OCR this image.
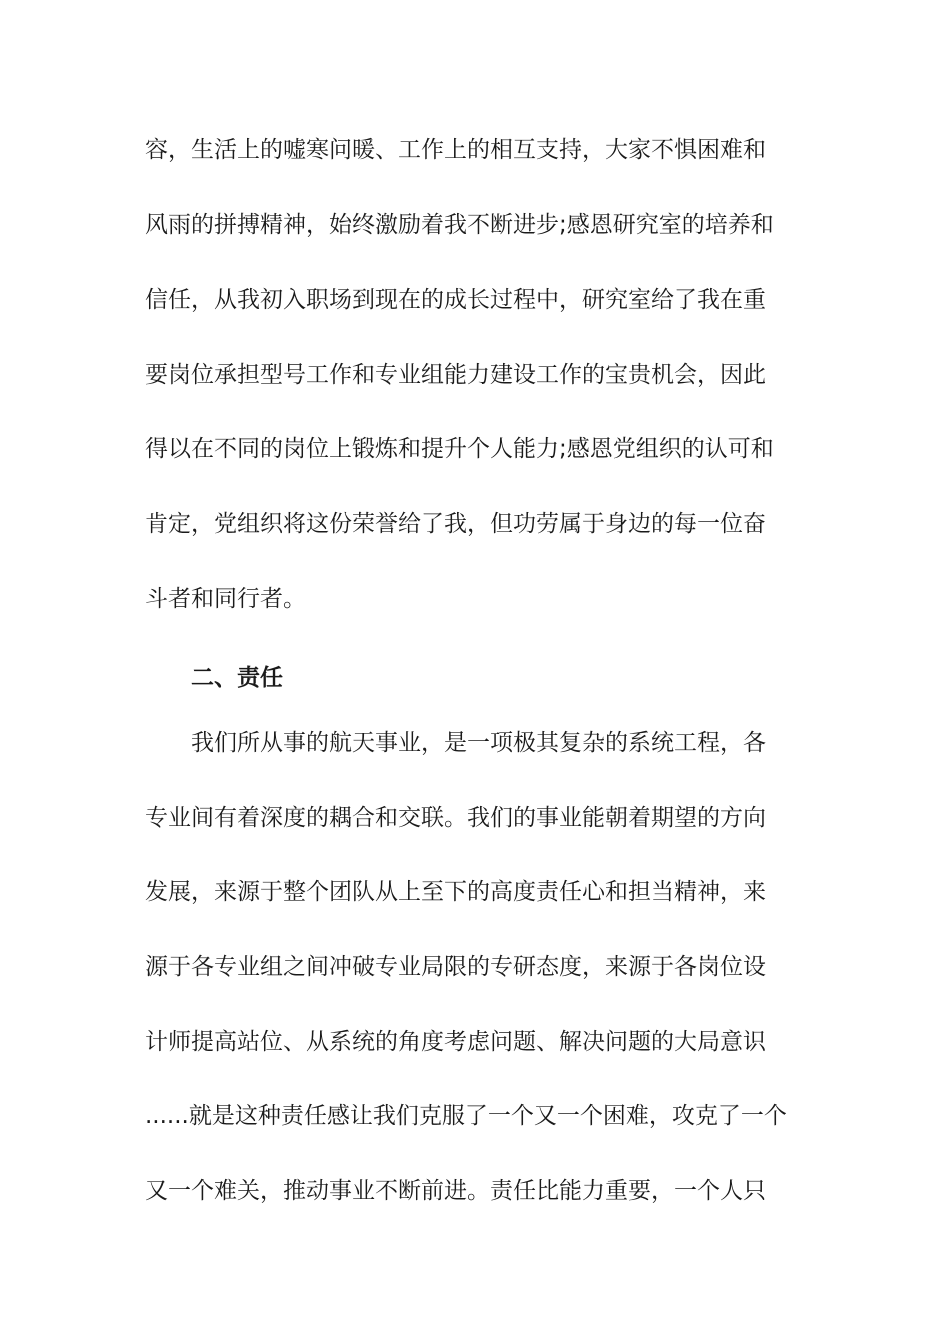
容，生活上的嘘寒问暖、工作上的相互支持，大家不惧困难和
风雨的拼搏精神，始终激励着我不断进步;感恩研究室的培养和
信任，从我初入职场到现在的成长过程中，研究室给了我在重
要岗位承担型号工作和专业组能力建设工作的宝贵机会，因此
得以在不同的岗位上锻炼和提升个人能力;感恩党组织的认可和
肯定，党组织将这份荣誉给了我，但功劳属于身边的每一位奋
斗者和同行者。
二、责任
我们所从事的航天事业，是一项极其复杂的系统工程，各
专业间有着深度的耦合和交联。我们的事业能朝着期望的方向
发展，来源于整个团队从上至下的高度责任心和担当精神，来
源于各专业组之间冲破专业局限的专研态度，来源于各岗位设
计师提高站位、从系统的角度考虑问题、解决问题的大局意识
......就是这种责任感让我们克服了一个又一个困难，攻克了一个
又一个难关，推动事业不断前进。责任比能力重要，一个人只
